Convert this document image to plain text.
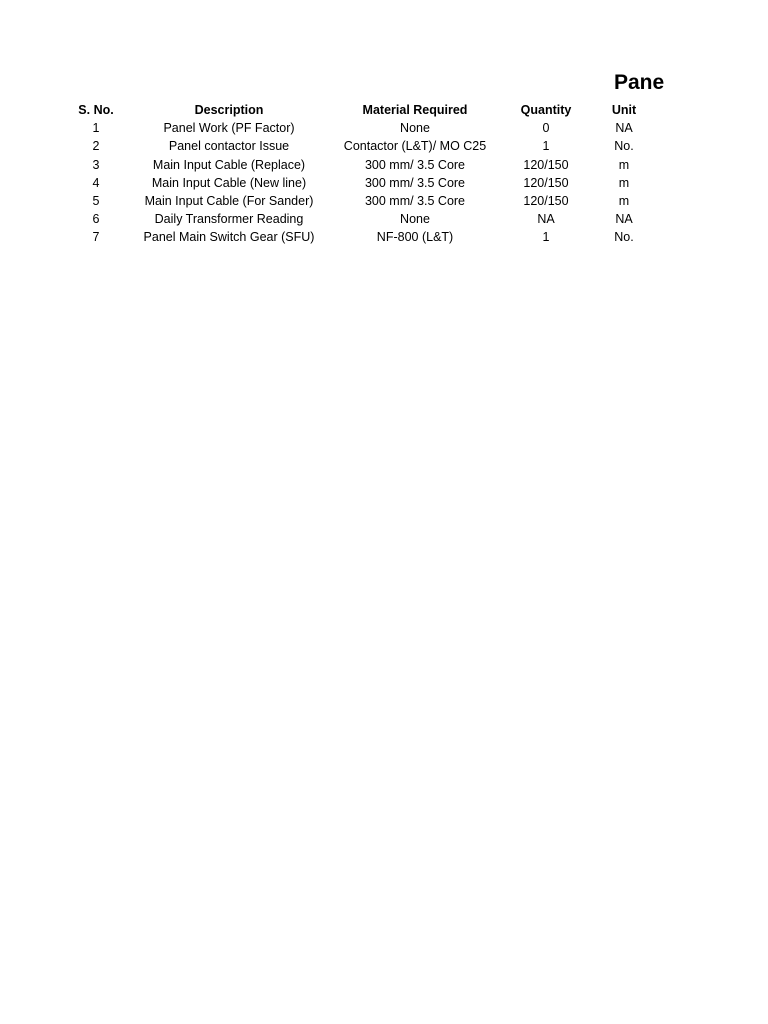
Pane
S. No.	Description	Material Required	Quantity	Unit
1	Panel Work (PF Factor)	None	0	NA
2	Panel contactor Issue	Contactor (L&T)/ MO C25	1	No.
3	Main Input Cable (Replace)	300 mm/ 3.5 Core	120/150	m
4	Main Input Cable (New line)	300 mm/ 3.5 Core	120/150	m
5	Main Input Cable (For Sander)	300 mm/ 3.5 Core	120/150	m
6	Daily Transformer Reading	None	NA	NA
7	Panel Main Switch Gear (SFU)	NF-800 (L&T)	1	No.
